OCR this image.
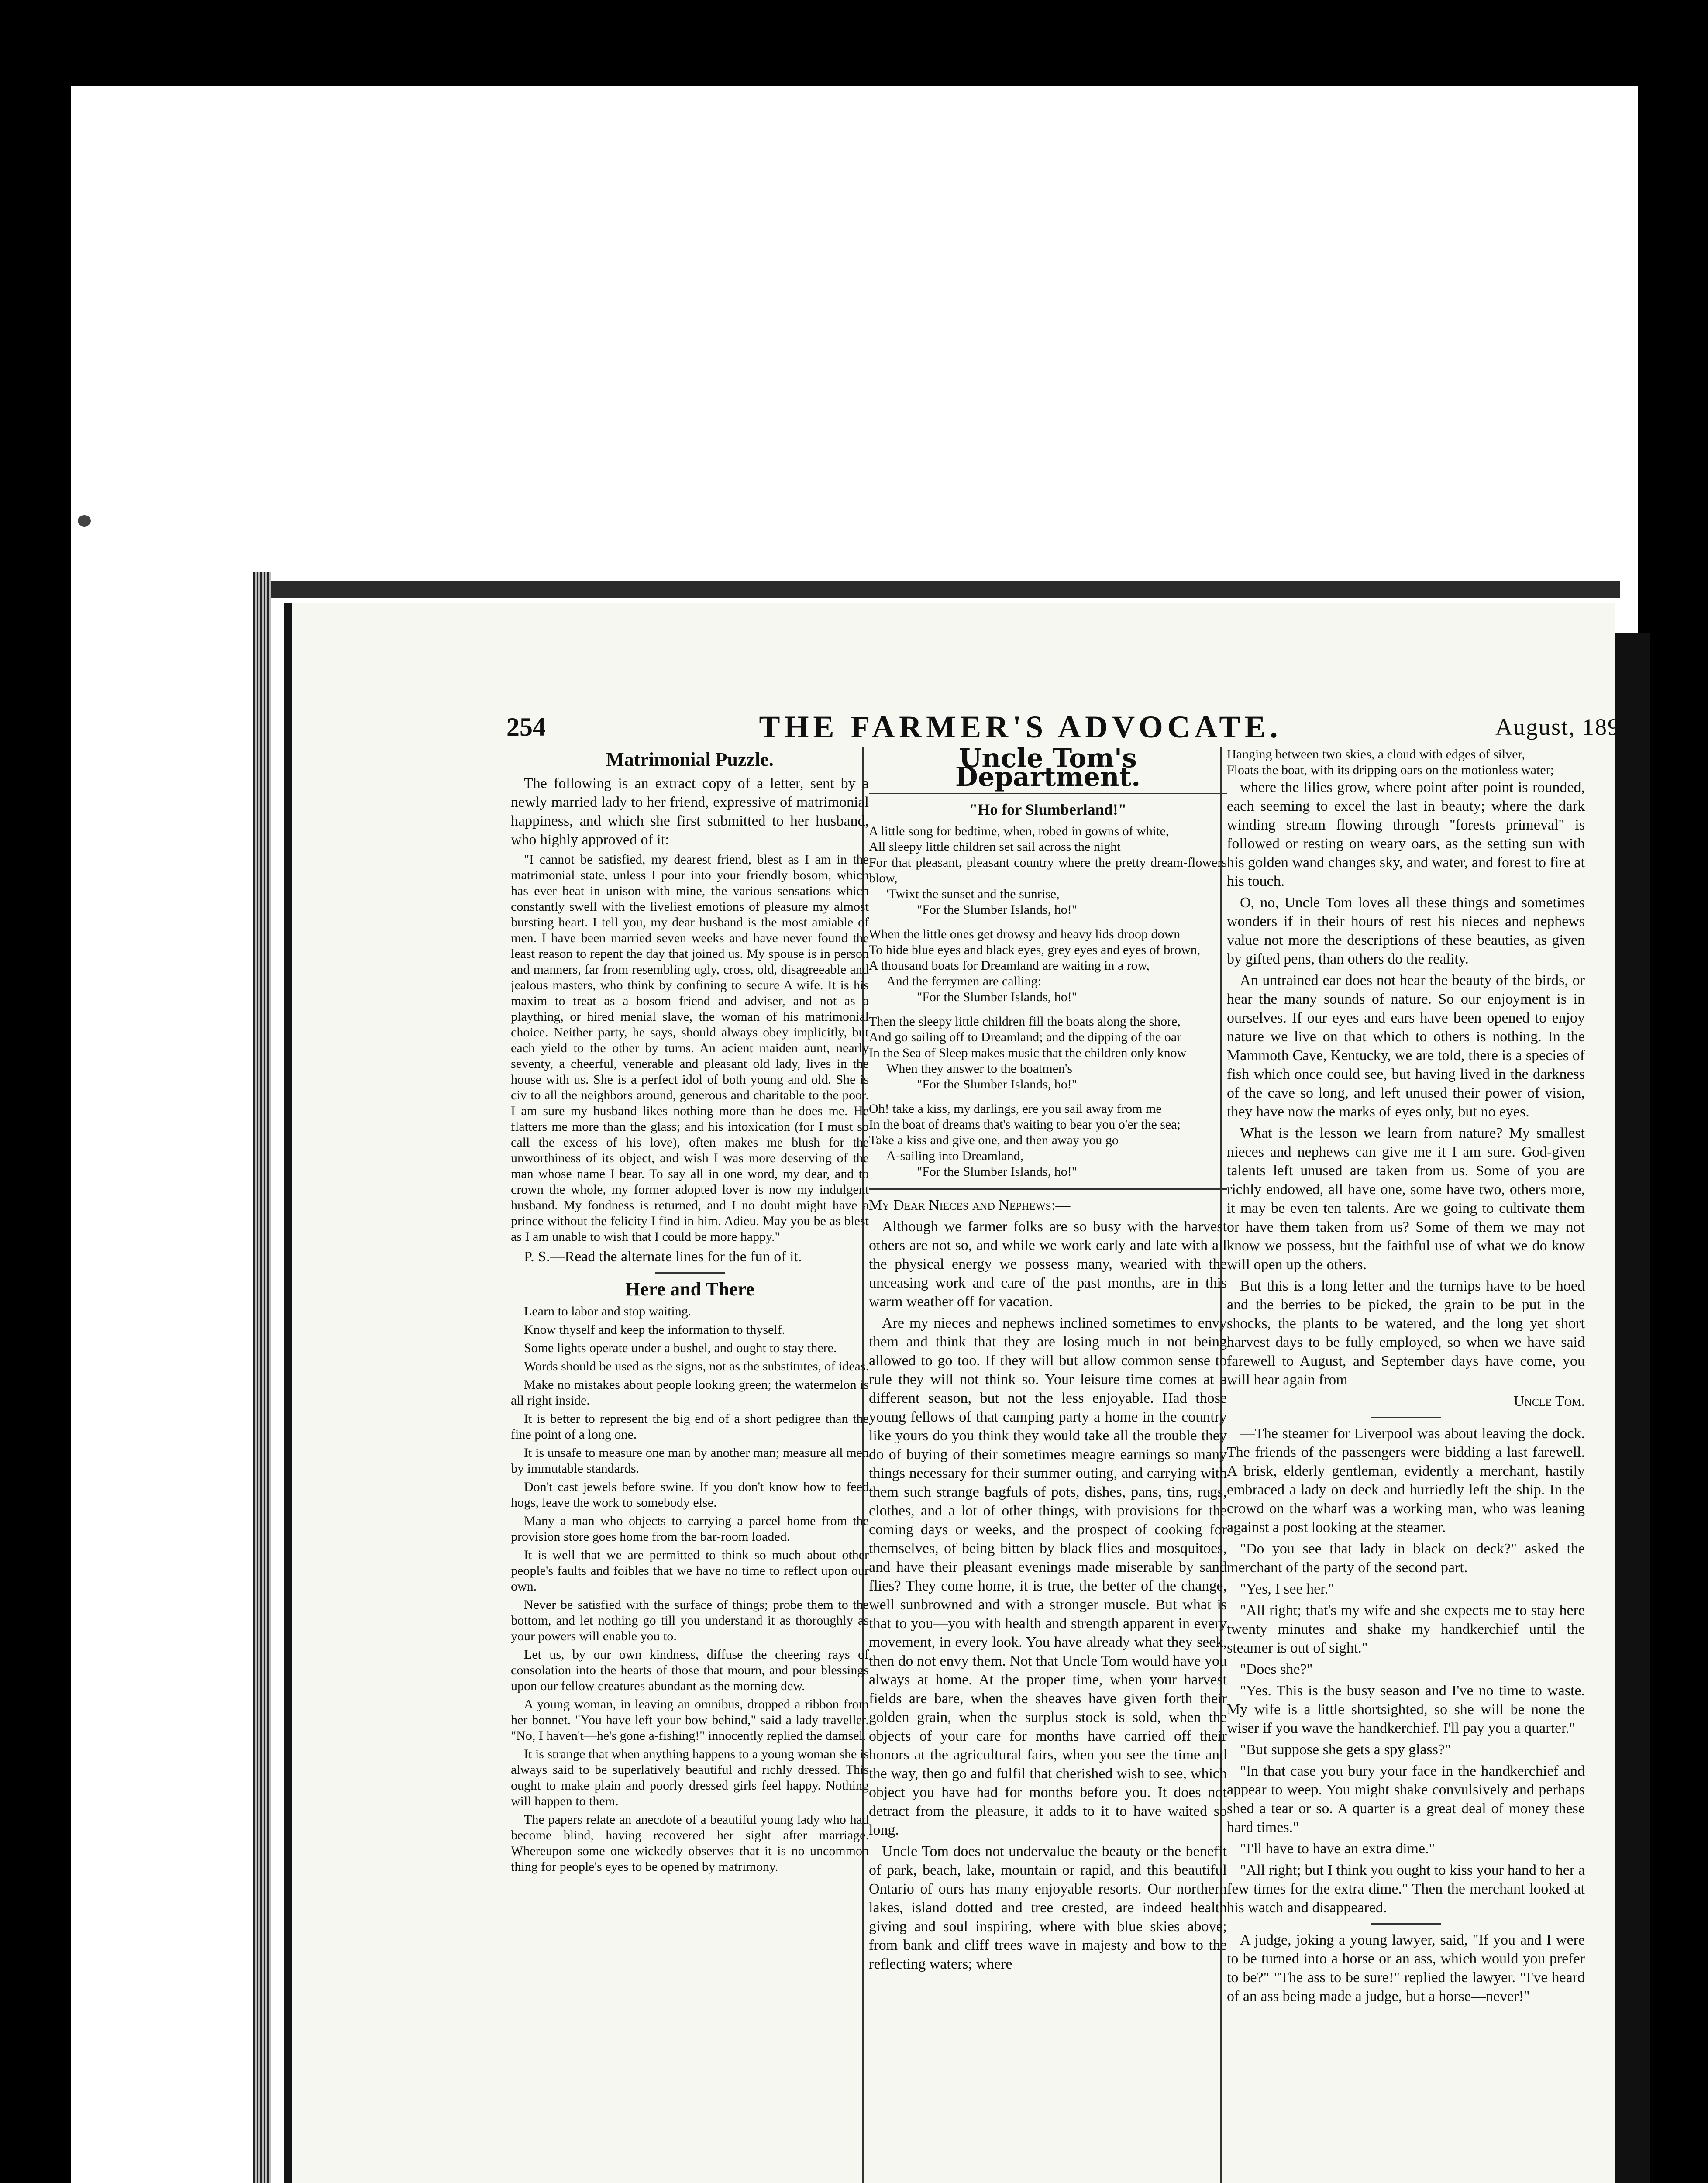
254	THE FARMER'S ADVOCATE.	August, 1890
Matrimonial Puzzle.

The following is an extract copy of a letter, sent by a newly married lady to her friend, expressive of matrimonial happiness, and which she first submitted to her husband, who highly approved of it:

"I cannot be satisfied, my dearest friend, blest as I am in the matrimonial state, unless I pour into your friendly bosom, which has ever beat in unison with mine, the various sensations which constantly swell with the liveliest emotions of pleasure my almost bursting heart. I tell you, my dear husband is the most amiable of men. I have been married seven weeks and have never found the least reason to repent the day that joined us. My spouse is in person and manners, far from resembling ugly, cross, old, disagreeable and jealous masters, who think by confining to secure A wife. It is his maxim to treat as a bosom friend and adviser, and not as a plaything, or hired menial slave, the woman of his matrimonial choice. Neither party, he says, should always obey implicitly, but each yield to the other by turns. An acient maiden aunt, nearly seventy, a cheerful, venerable and pleasant old lady, lives in the house with us. She is a perfect idol of both young and old. She is civ to all the neighbors around, generous and charitable to the poor. I am sure my husband likes nothing more than he does me. He flatters me more than the glass; and his intoxication (for I must so call the excess of his love), often makes me blush for the unworthiness of its object, and wish I was more deserving of the man whose name I bear. To say all in one word, my dear, and to crown the whole, my former adopted lover is now my indulgent husband. My fondness is returned, and I no doubt might have a prince without the felicity I find in him. Adieu. May you be as blest as I am unable to wish that I could be more happy."

P. S.—Read the alternate lines for the fun of it.

Here and There

Learn to labor and stop waiting.

Know thyself and keep the information to thyself.

Some lights operate under a bushel, and ought to stay there.

Words should be used as the signs, not as the substitutes, of ideas.

Make no mistakes about people looking green; the watermelon is all right inside.

It is better to represent the big end of a short pedigree than the fine point of a long one.

It is unsafe to measure one man by another man; measure all men by immutable standards.

Don't cast jewels before swine. If you don't know how to feed hogs, leave the work to somebody else.

Many a man who objects to carrying a parcel home from the provision store goes home from the bar-room loaded.

It is well that we are permitted to think so much about other people's faults and foibles that we have no time to reflect upon our own.

Never be satisfied with the surface of things; probe them to the bottom, and let nothing go till you understand it as thoroughly as your powers will enable you to.

Let us, by our own kindness, diffuse the cheering rays of consolation into the hearts of those that mourn, and pour blessings upon our fellow creatures abundant as the morning dew.

A young woman, in leaving an omnibus, dropped a ribbon from her bonnet. "You have left your bow behind," said a lady traveller. "No, I haven't—he's gone a-fishing!" innocently replied the damsel.

It is strange that when anything happens to a young woman she is always said to be superlatively beautiful and richly dressed. This ought to make plain and poorly dressed girls feel happy. Nothing will happen to them.

The papers relate an anecdote of a beautiful young lady who had become blind, having recovered her sight after marriage. Whereupon some one wickedly observes that it is no uncommon thing for people's eyes to be opened by matrimony.

Uncle Tom's Department.
"Ho for Slumberland!"

A little song for bedtime, when, robed in gowns of white,

All sleepy little children set sail across the night

For that pleasant, pleasant country where the pretty dream-flowers blow,

'Twixt the sunset and the sunrise,

"For the Slumber Islands, ho!"

When the little ones get drowsy and heavy lids droop down

To hide blue eyes and black eyes, grey eyes and eyes of brown,

A thousand boats for Dreamland are waiting in a row,

And the ferrymen are calling:

"For the Slumber Islands, ho!"

Then the sleepy little children fill the boats along the shore,

And go sailing off to Dreamland; and the dipping of the oar

In the Sea of Sleep makes music that the children only know

When they answer to the boatmen's

"For the Slumber Islands, ho!"

Oh! take a kiss, my darlings, ere you sail away from me

In the boat of dreams that's waiting to bear you o'er the sea;

Take a kiss and give one, and then away you go

A-sailing into Dreamland,

"For the Slumber Islands, ho!"

My Dear Nieces and Nephews:—

Although we farmer folks are so busy with the harvest others are not so, and while we work early and late with all the physical energy we possess many, wearied with the unceasing work and care of the past months, are in this warm weather off for vacation.

Are my nieces and nephews inclined sometimes to envy them and think that they are losing much in not being allowed to go too. If they will but allow common sense to rule they will not think so. Your leisure time comes at a different season, but not the less enjoyable. Had those young fellows of that camping party a home in the country like yours do you think they would take all the trouble they do of buying of their sometimes meagre earnings so many things necessary for their summer outing, and carrying with them such strange bagfuls of pots, dishes, pans, tins, rugs, clothes, and a lot of other things, with provisions for the coming days or weeks, and the prospect of cooking for themselves, of being bitten by black flies and mosquitoes, and have their pleasant evenings made miserable by sand flies? They come home, it is true, the better of the change, well sunbrowned and with a stronger muscle. But what is that to you—you with health and strength apparent in every movement, in every look. You have already what they seek, then do not envy them. Not that Uncle Tom would have you always at home. At the proper time, when your harvest fields are bare, when the sheaves have given forth their golden grain, when the surplus stock is sold, when the objects of your care for months have carried off their honors at the agricultural fairs, when you see the time and the way, then go and fulfil that cherished wish to see, which object you have had for months before you. It does not detract from the pleasure, it adds to it to have waited so long.

Uncle Tom does not undervalue the beauty or the benefit of park, beach, lake, mountain or rapid, and this beautiful Ontario of ours has many enjoyable resorts. Our northern lakes, island dotted and tree crested, are indeed health giving and soul inspiring, where with blue skies above; from bank and cliff trees wave in majesty and bow to the reflecting waters; where

Hanging between two skies, a cloud with edges of silver,

Floats the boat, with its dripping oars on the motionless water;

where the lilies grow, where point after point is rounded, each seeming to excel the last in beauty; where the dark winding stream flowing through "forests primeval" is followed or resting on weary oars, as the setting sun with his golden wand changes sky, and water, and forest to fire at his touch.

O, no, Uncle Tom loves all these things and sometimes wonders if in their hours of rest his nieces and nephews value not more the descriptions of these beauties, as given by gifted pens, than others do the reality.

An untrained ear does not hear the beauty of the birds, or hear the many sounds of nature. So our enjoyment is in ourselves. If our eyes and ears have been opened to enjoy nature we live on that which to others is nothing. In the Mammoth Cave, Kentucky, we are told, there is a species of fish which once could see, but having lived in the darkness of the cave so long, and left unused their power of vision, they have now the marks of eyes only, but no eyes.

What is the lesson we learn from nature? My smallest nieces and nephews can give me it I am sure. God-given talents left unused are taken from us. Some of you are richly endowed, all have one, some have two, others more, it may be even ten talents. Are we going to cultivate them or have them taken from us? Some of them we may not know we possess, but the faithful use of what we do know will open up the others.

But this is a long letter and the turnips have to be hoed and the berries to be picked, the grain to be put in the shocks, the plants to be watered, and the long yet short harvest days to be fully employed, so when we have said farewell to August, and September days have come, you will hear again from

Uncle Tom.

—The steamer for Liverpool was about leaving the dock. The friends of the passengers were bidding a last farewell. A brisk, elderly gentleman, evidently a merchant, hastily embraced a lady on deck and hurriedly left the ship. In the crowd on the wharf was a working man, who was leaning against a post looking at the steamer.

"Do you see that lady in black on deck?" asked the merchant of the party of the second part.

"Yes, I see her."

"All right; that's my wife and she expects me to stay here twenty minutes and shake my handkerchief until the steamer is out of sight."

"Does she?"

"Yes. This is the busy season and I've no time to waste. My wife is a little shortsighted, so she will be none the wiser if you wave the handkerchief. I'll pay you a quarter."

"But suppose she gets a spy glass?"

"In that case you bury your face in the handkerchief and appear to weep. You might shake convulsively and perhaps shed a tear or so. A quarter is a great deal of money these hard times."

"I'll have to have an extra dime."

"All right; but I think you ought to kiss your hand to her a few times for the extra dime." Then the merchant looked at his watch and disappeared.

A judge, joking a young lawyer, said, "If you and I were to be turned into a horse or an ass, which would you prefer to be?" "The ass to be sure!" replied the lawyer. "I've heard of an ass being made a judge, but a horse—never!"
